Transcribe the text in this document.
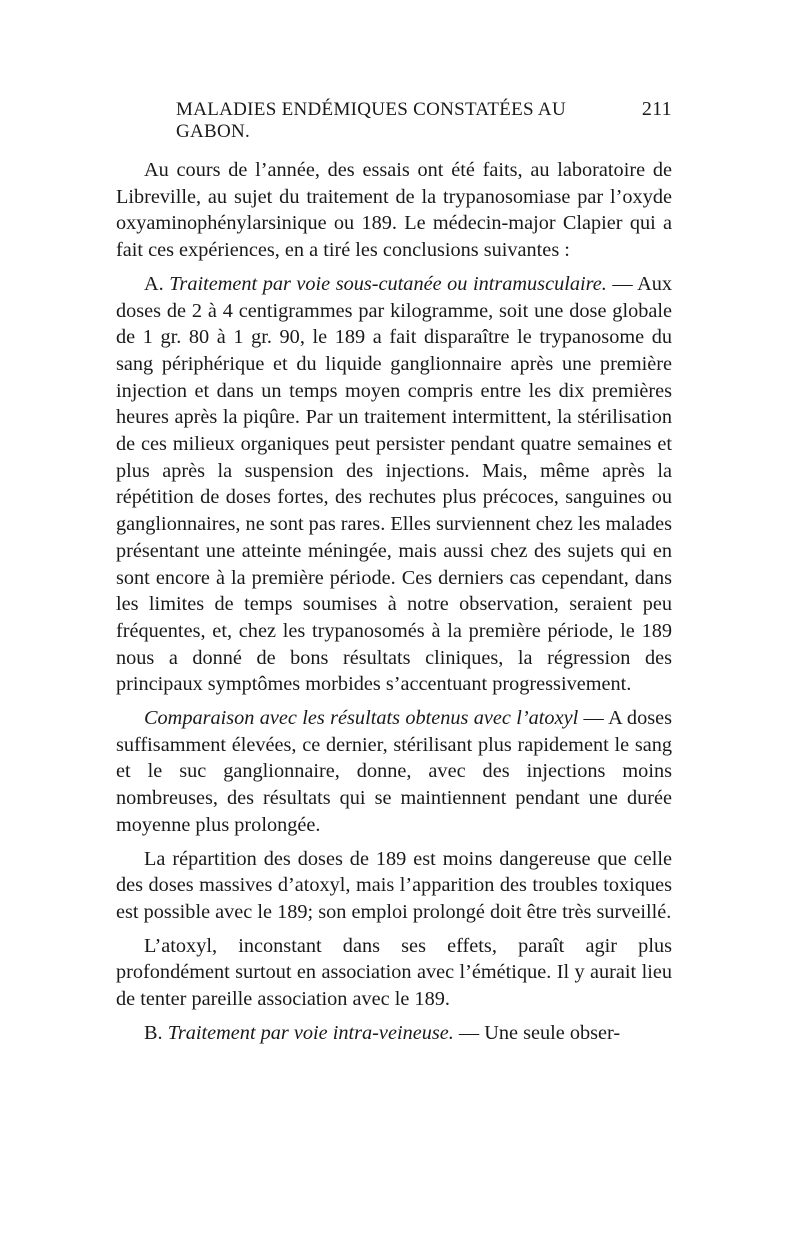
MALADIES ENDÉMIQUES CONSTATÉES AU GABON.
211

Au cours de l’année, des essais ont été faits, au laboratoire de Libreville, au sujet du traitement de la trypanosomiase par l’oxyde oxyaminophénylarsinique ou 189. Le médecin-major Clapier qui a fait ces expériences, en a tiré les conclusions suivantes :

A. Traitement par voie sous-cutanée ou intramusculaire. — Aux doses de 2 à 4 centigrammes par kilogramme, soit une dose globale de 1 gr. 80 à 1 gr. 90, le 189 a fait disparaître le trypanosome du sang périphérique et du liquide ganglionnaire après une première injection et dans un temps moyen compris entre les dix premières heures après la piqûre. Par un traitement intermittent, la stérilisation de ces milieux organiques peut persister pendant quatre semaines et plus après la suspension des injections. Mais, même après la répétition de doses fortes, des rechutes plus précoces, sanguines ou ganglionnaires, ne sont pas rares. Elles surviennent chez les malades présentant une atteinte méningée, mais aussi chez des sujets qui en sont encore à la première période. Ces derniers cas cependant, dans les limites de temps soumises à notre observation, seraient peu fréquentes, et, chez les trypanosomés à la première période, le 189 nous a donné de bons résultats cliniques, la régression des principaux symptômes morbides s’accentuant progressivement.

Comparaison avec les résultats obtenus avec l’atoxyl — A doses suffisamment élevées, ce dernier, stérilisant plus rapidement le sang et le suc ganglionnaire, donne, avec des injections moins nombreuses, des résultats qui se maintiennent pendant une durée moyenne plus prolongée.

La répartition des doses de 189 est moins dangereuse que celle des doses massives d’atoxyl, mais l’apparition des troubles toxiques est possible avec le 189; son emploi prolongé doit être très surveillé.

L’atoxyl, inconstant dans ses effets, paraît agir plus profondément surtout en association avec l’émétique. Il y aurait lieu de tenter pareille association avec le 189.

B. Traitement par voie intra-veineuse. — Une seule obser-
